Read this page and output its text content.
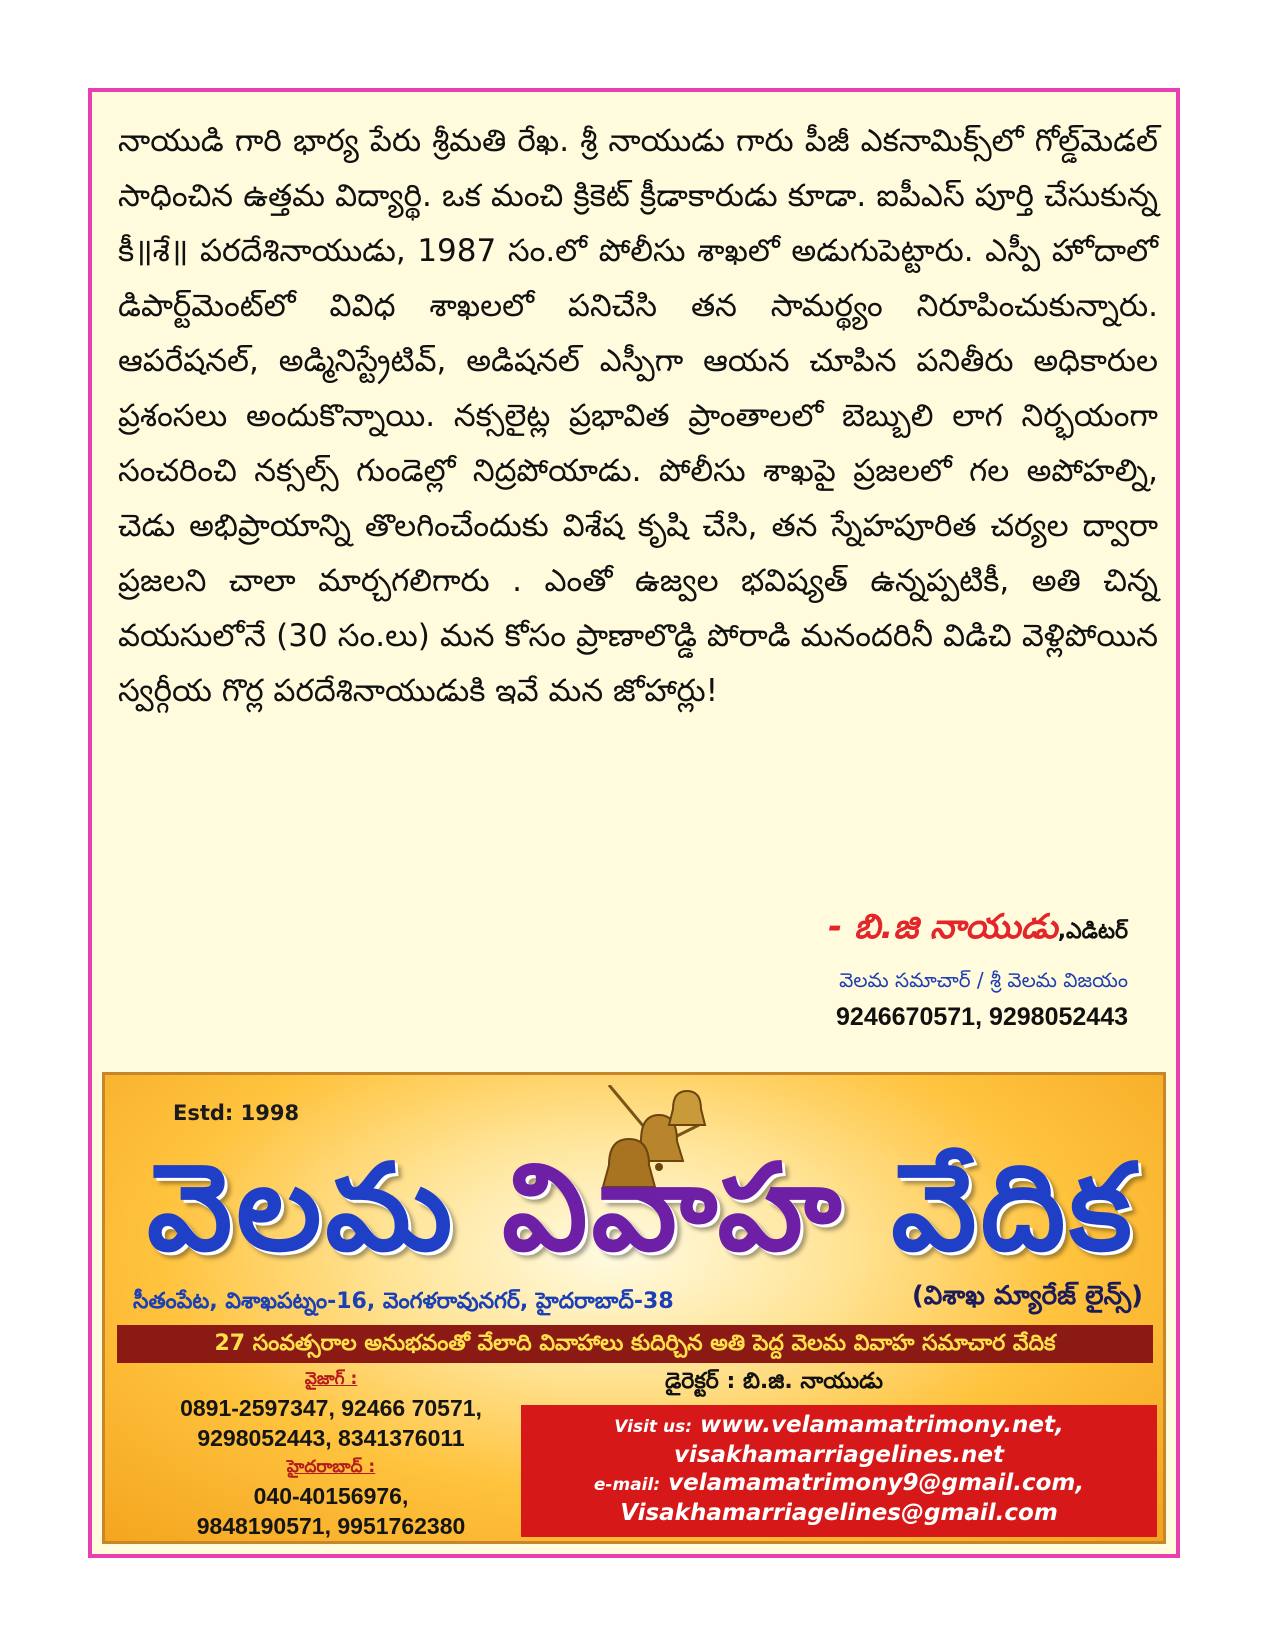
నాయుడి గారి భార్య పేరు శ్రీమతి రేఖ. శ్రీ నాయుడు గారు పీజీ ఎకనామిక్స్‌లో గోల్డ్‌మెడల్ సాధించిన ఉత్తమ విద్యార్థి. ఒక మంచి క్రికెట్ క్రీడాకారుడు కూడా. ఐపీఎస్ పూర్తి చేసుకున్న కీ॥శే॥ పరదేశినాయుడు, 1987 సం.లో పోలీసు శాఖలో అడుగుపెట్టారు. ఎస్పీ హోదాలో డిపార్ట్‌మెంట్‌లో వివిధ శాఖలలో పనిచేసి తన సామర్థ్యం నిరూపించుకున్నారు. ఆపరేషనల్, అడ్మినిస్ట్రేటివ్, అడిషనల్ ఎస్పీగా ఆయన చూపిన పనితీరు అధికారుల ప్రశంసలు అందుకొన్నాయి. నక్సలైట్ల ప్రభావిత ప్రాంతాలలో బెబ్బులి లాగ నిర్భయంగా సంచరించి నక్సల్స్ గుండెల్లో నిద్రపోయాడు. పోలీసు శాఖపై ప్రజలలో గల అపోహల్ని, చెడు అభిప్రాయాన్ని తొలగించేందుకు విశేష కృషి చేసి, తన స్నేహపూరిత చర్యల ద్వారా ప్రజలని చాలా మార్చగలిగారు . ఎంతో ఉజ్వల భవిష్యత్ ఉన్నప్పటికీ, అతి చిన్న వయసులోనే (30 సం.లు) మన కోసం ప్రాణాలొడ్డి పోరాడి మనందరినీ విడిచి వెళ్లిపోయిన స్వర్గీయ గొర్ల పరదేశినాయుడుకి ఇవే మన జోహార్లు!

- బి.జి నాయుడు,ఎడిటర్
వెలమ సమాచార్ / శ్రీ వెలమ విజయం
9246670571, 9298052443
Estd: 1998
వెలమ వివాహ వేదిక
సీతంపేట, విశాఖపట్నం-16, వెంగళరావునగర్, హైదరాబాద్-38	(విశాఖ మ్యారేజ్ లైన్స్)
27 సంవత్సరాల అనుభవంతో వేలాది వివాహాలు కుదిర్చిన అతి పెద్ద వెలమ వివాహ సమాచార వేదిక
వైజాగ్ :
0891-2597347, 92466 70571,
9298052443, 8341376011
హైదరాబాద్ :
040-40156976,
9848190571, 9951762380
డైరెక్టర్ : బి.జి. నాయుడు
Visit us: www.velamamatrimony.net,
visakhamarriagelines.net
e-mail: velamamatrimony9@gmail.com,
Visakhamarriagelines@gmail.com
